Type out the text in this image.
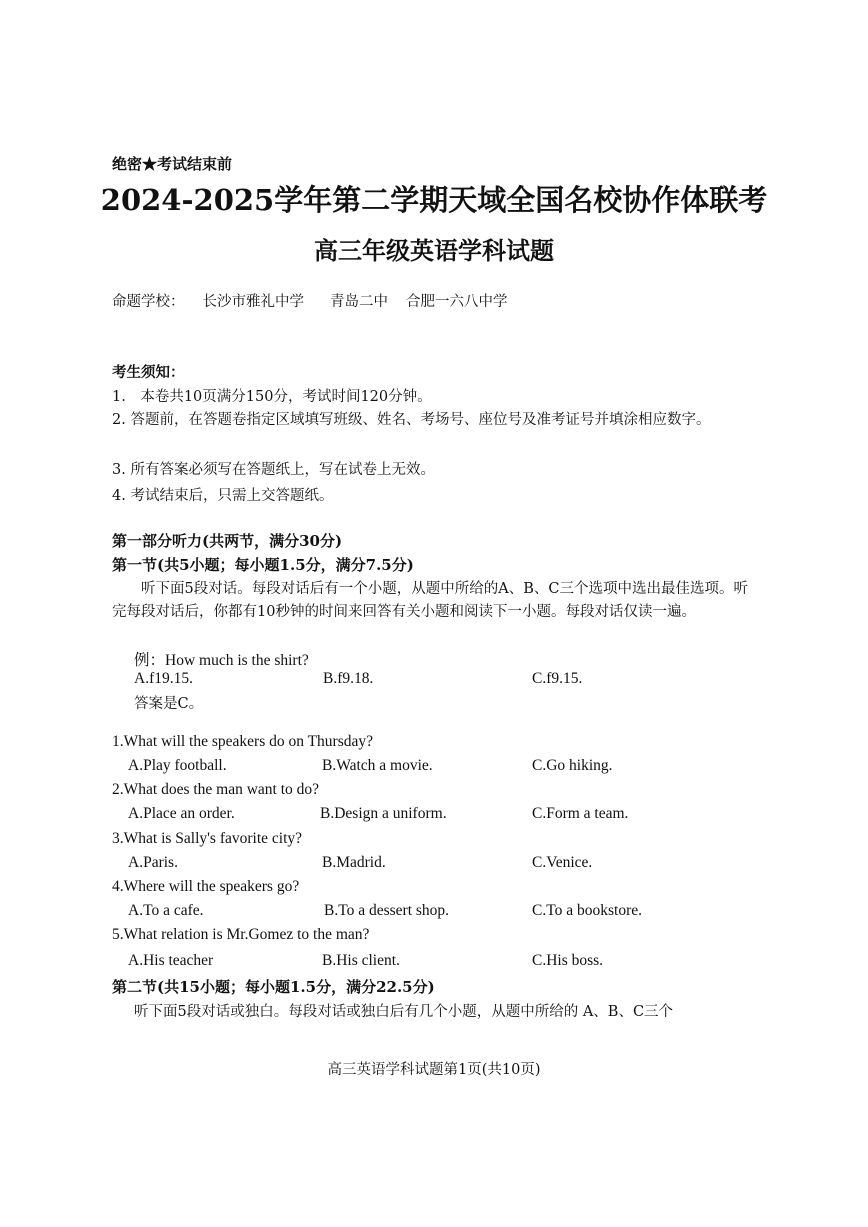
绝密★考试结束前
2024-2025学年第二学期天域全国名校协作体联考
高三年级英语学科试题
命题学校： 长沙市雅礼中学 青岛二中 合肥一六八中学
考生须知：
1.　本卷共10页满分150分，考试时间120分钟。
2. 答题前，在答题卷指定区域填写班级、姓名、考场号、座位号及准考证号并填涂相应数字。
3. 所有答案必须写在答题纸上，写在试卷上无效。
4. 考试结束后，只需上交答题纸。
第一部分听力(共两节，满分30分)
第一节(共5小题；每小题1.5分，满分7.5分)
听下面5段对话。每段对话后有一个小题，从题中所给的A、B、C三个选项中选出最佳选项。听完每段对话后，你都有10秒钟的时间来回答有关小题和阅读下一小题。每段对话仅读一遍。
例：How much is the shirt?
A.f19.15.	B.f9.18.	C.f9.15.
答案是C。
1.What will the speakers do on Thursday?
A.Play football.	B.Watch a movie.	C.Go hiking.
2.What does the man want to do?
A.Place an order.	B.Design a uniform.	C.Form a team.
3.What is Sally's favorite city?
A.Paris.	B.Madrid.	C.Venice.
4.Where will the speakers go?
A.To a cafe.	B.To a dessert shop.	C.To a bookstore.
5.What relation is Mr.Gomez to the man?
A.His teacher	B.His client.	C.His boss.
第二节(共15小题；每小题1.5分，满分22.5分)
听下面5段对话或独白。每段对话或独白后有几个小题，从题中所给的 A、B、C三个
高三英语学科试题第1页(共10页)
